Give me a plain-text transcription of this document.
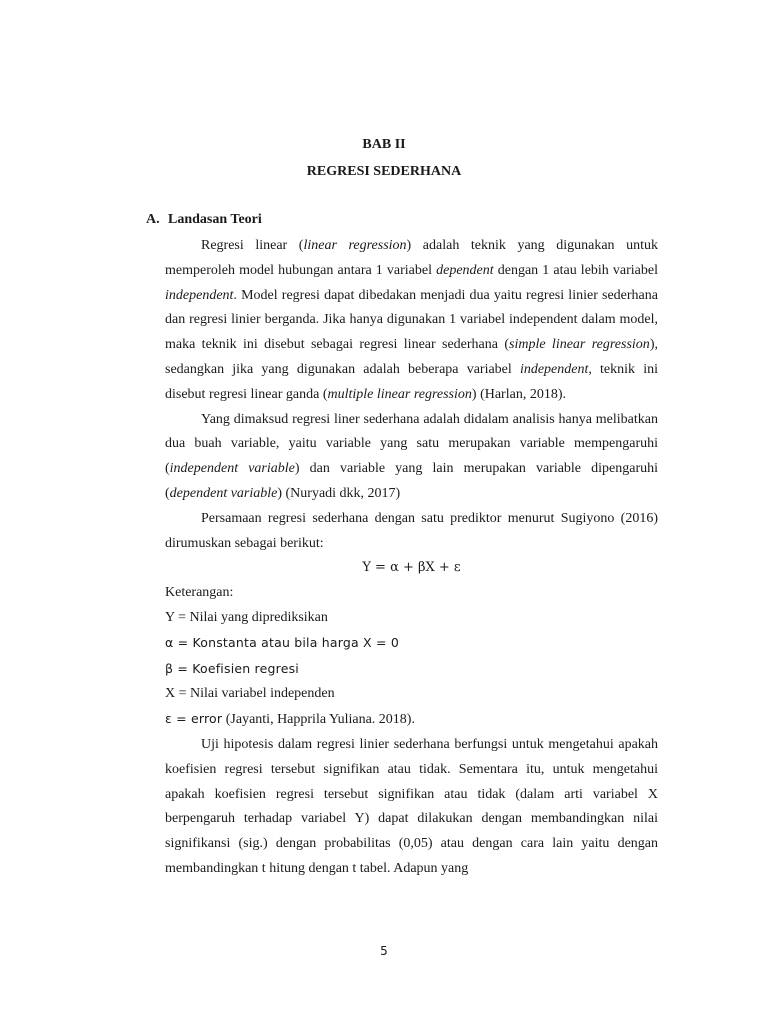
BAB II
REGRESI SEDERHANA
A. Landasan Teori

Regresi linear (linear regression) adalah teknik yang digunakan untuk memperoleh model hubungan antara 1 variabel dependent dengan 1 atau lebih variabel independent. Model regresi dapat dibedakan menjadi dua yaitu regresi linier sederhana dan regresi linier berganda. Jika hanya digunakan 1 variabel independent dalam model, maka teknik ini disebut sebagai regresi linear sederhana (simple linear regression), sedangkan jika yang digunakan adalah beberapa variabel independent, teknik ini disebut regresi linear ganda (multiple linear regression) (Harlan, 2018).

Yang dimaksud regresi liner sederhana adalah didalam analisis hanya melibatkan dua buah variable, yaitu variable yang satu merupakan variable mempengaruhi (independent variable) dan variable yang lain merupakan variable dipengaruhi (dependent variable) (Nuryadi dkk, 2017)

Persamaan regresi sederhana dengan satu prediktor menurut Sugiyono (2016) dirumuskan sebagai berikut:

Y = α + βX + ε

Keterangan:

Y = Nilai yang diprediksikan

α = Konstanta atau bila harga X = 0

β = Koefisien regresi

X = Nilai variabel independen

ε = error (Jayanti, Happrila Yuliana. 2018).

Uji hipotesis dalam regresi linier sederhana berfungsi untuk mengetahui apakah koefisien regresi tersebut signifikan atau tidak. Sementara itu, untuk mengetahui apakah koefisien regresi tersebut signifikan atau tidak (dalam arti variabel X berpengaruh terhadap variabel Y) dapat dilakukan dengan membandingkan nilai signifikansi (sig.) dengan probabilitas (0,05) atau dengan cara lain yaitu dengan membandingkan t hitung dengan t tabel. Adapun yang

5
